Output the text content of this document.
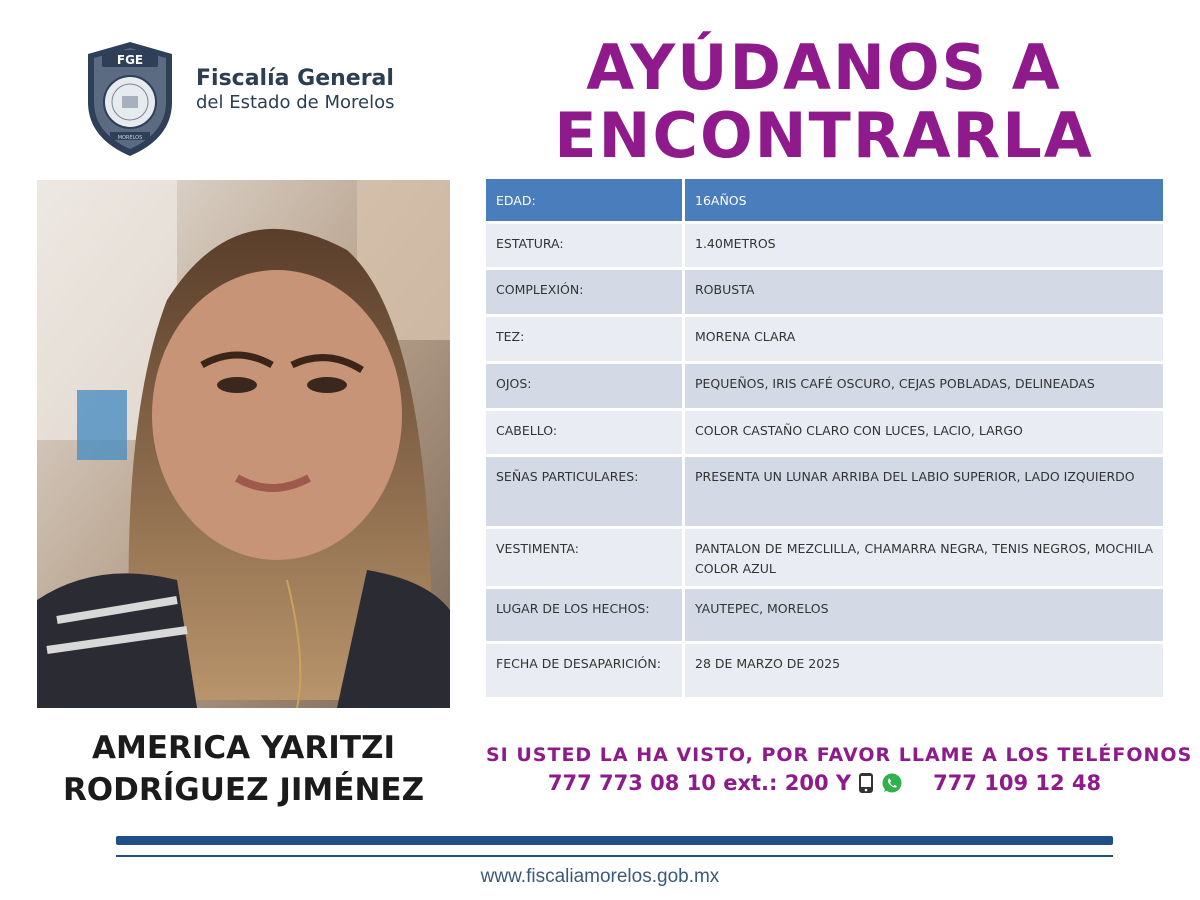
FGE
MORELOS
Fiscalía General
del Estado de Morelos	AYÚDANOS A
ENCONTRARLA
EDAD:	16AÑOS
ESTATURA:	1.40METROS
COMPLEXIÓN:	ROBUSTA
TEZ:	MORENA CLARA
OJOS:	PEQUEÑOS, IRIS CAFÉ OSCURO, CEJAS POBLADAS, DELINEADAS
CABELLO:	COLOR CASTAÑO CLARO CON LUCES, LACIO, LARGO
SEÑAS PARTICULARES:	PRESENTA UN LUNAR ARRIBA DEL LABIO SUPERIOR, LADO IZQUIERDO
VESTIMENTA:	PANTALON DE MEZCLILLA, CHAMARRA NEGRA, TENIS NEGROS, MOCHILA COLOR AZUL
LUGAR DE LOS HECHOS:	YAUTEPEC, MORELOS
FECHA DE DESAPARICIÓN:	28 DE MARZO DE 2025
AMERICA YARITZI
RODRÍGUEZ JIMÉNEZ
SI USTED LA HA VISTO, POR FAVOR LLAME A LOS TELÉFONOS
777 773 08 10 ext.: 200 Y	777 109 12 48
www.fiscaliamorelos.gob.mx
